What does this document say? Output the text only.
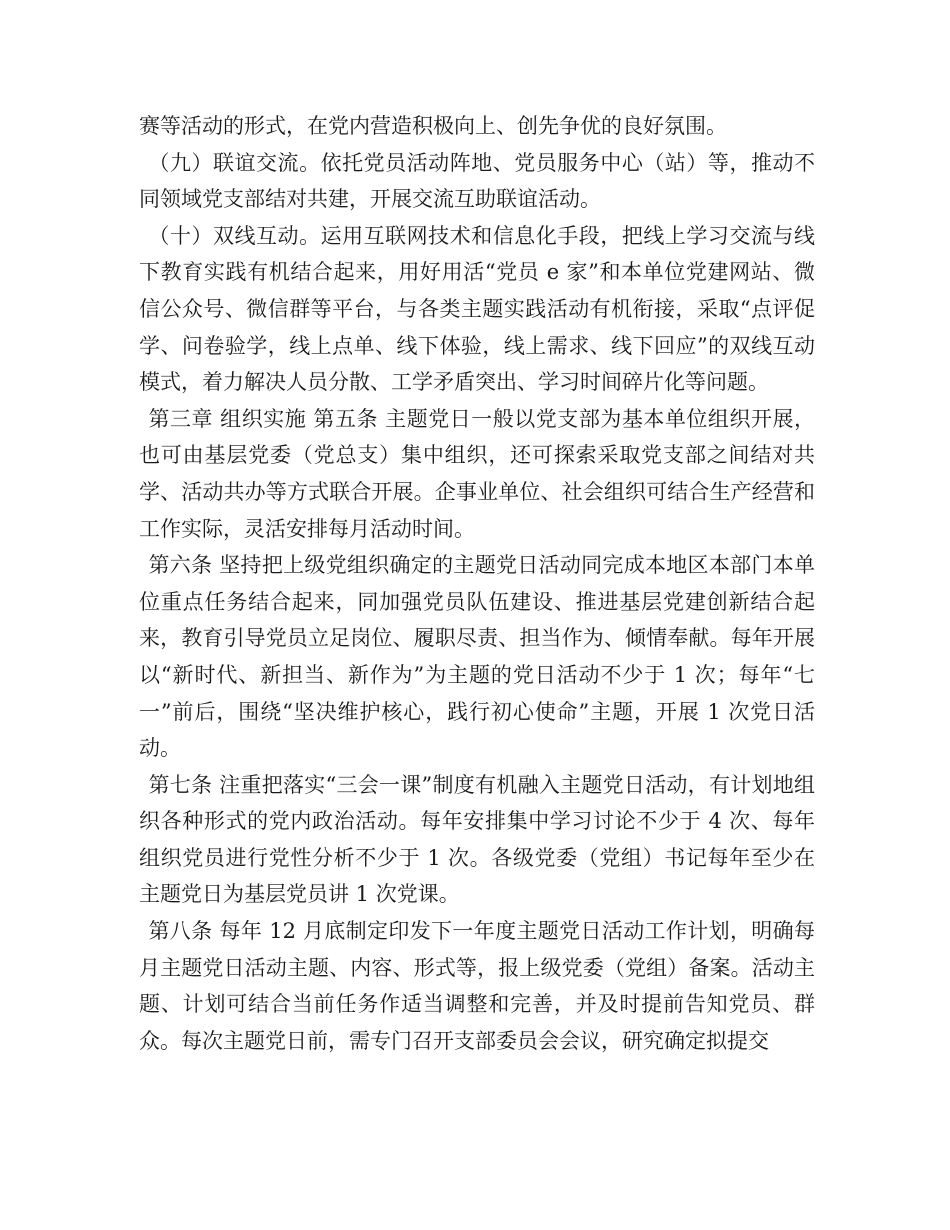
赛等活动的形式，在党内营造积极向上、创先争优的良好氛围。

（九）联谊交流。依托党员活动阵地、党员服务中心（站）等，推动不同领域党支部结对共建，开展交流互助联谊活动。

（十）双线互动。运用互联网技术和信息化手段，把线上学习交流与线下教育实践有机结合起来，用好用活“党员 e 家”和本单位党建网站、微信公众号、微信群等平台，与各类主题实践活动有机衔接，采取“点评促学、问卷验学，线上点单、线下体验，线上需求、线下回应”的双线互动模式，着力解决人员分散、工学矛盾突出、学习时间碎片化等问题。

第三章 组织实施 第五条 主题党日一般以党支部为基本单位组织开展，也可由基层党委（党总支）集中组织，还可探索采取党支部之间结对共学、活动共办等方式联合开展。企事业单位、社会组织可结合生产经营和工作实际，灵活安排每月活动时间。

第六条 坚持把上级党组织确定的主题党日活动同完成本地区本部门本单位重点任务结合起来，同加强党员队伍建设、推进基层党建创新结合起来，教育引导党员立足岗位、履职尽责、担当作为、倾情奉献。每年开展以“新时代、新担当、新作为”为主题的党日活动不少于 1 次；每年“七一”前后，围绕“坚决维护核心，践行初心使命”主题，开展 1 次党日活动。

第七条 注重把落实“三会一课”制度有机融入主题党日活动，有计划地组织各种形式的党内政治活动。每年安排集中学习讨论不少于 4 次、每年组织党员进行党性分析不少于 1 次。各级党委（党组）书记每年至少在主题党日为基层党员讲 1 次党课。

第八条 每年 12 月底制定印发下一年度主题党日活动工作计划，明确每月主题党日活动主题、内容、形式等，报上级党委（党组）备案。活动主题、计划可结合当前任务作适当调整和完善，并及时提前告知党员、群众。每次主题党日前，需专门召开支部委员会会议，研究确定拟提交
